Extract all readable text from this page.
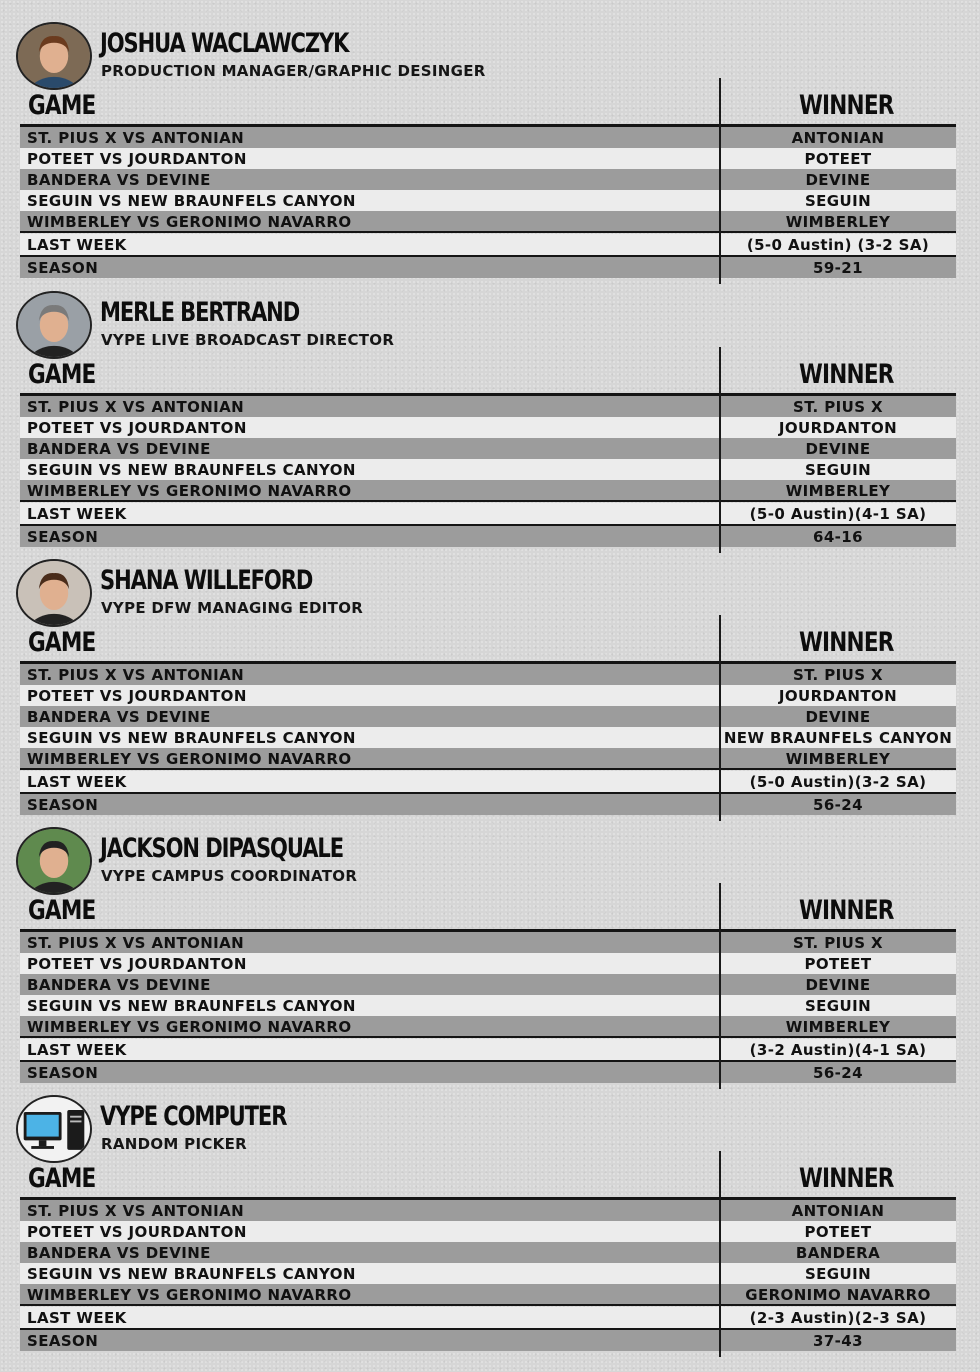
JOSHUA WACLAWCZYK
PRODUCTION MANAGER/GRAPHIC DESINGER
GAME	WINNER
ST. PIUS X VS ANTONIAN	ANTONIAN
POTEET VS JOURDANTON	POTEET
BANDERA VS DEVINE	DEVINE
SEGUIN VS NEW BRAUNFELS CANYON	SEGUIN
WIMBERLEY VS GERONIMO NAVARRO	WIMBERLEY
LAST WEEK	(5-0 Austin) (3-2 SA)
SEASON	59-21
MERLE BERTRAND
VYPE LIVE BROADCAST DIRECTOR
GAME	WINNER
ST. PIUS X VS ANTONIAN	ST. PIUS X
POTEET VS JOURDANTON	JOURDANTON
BANDERA VS DEVINE	DEVINE
SEGUIN VS NEW BRAUNFELS CANYON	SEGUIN
WIMBERLEY VS GERONIMO NAVARRO	WIMBERLEY
LAST WEEK	(5-0 Austin)(4-1 SA)
SEASON	64-16
SHANA WILLEFORD
VYPE DFW MANAGING EDITOR
GAME	WINNER
ST. PIUS X VS ANTONIAN	ST. PIUS X
POTEET VS JOURDANTON	JOURDANTON
BANDERA VS DEVINE	DEVINE
SEGUIN VS NEW BRAUNFELS CANYON	NEW BRAUNFELS CANYON
WIMBERLEY VS GERONIMO NAVARRO	WIMBERLEY
LAST WEEK	(5-0 Austin)(3-2 SA)
SEASON	56-24
JACKSON DIPASQUALE
VYPE CAMPUS COORDINATOR
GAME	WINNER
ST. PIUS X VS ANTONIAN	ST. PIUS X
POTEET VS JOURDANTON	POTEET
BANDERA VS DEVINE	DEVINE
SEGUIN VS NEW BRAUNFELS CANYON	SEGUIN
WIMBERLEY VS GERONIMO NAVARRO	WIMBERLEY
LAST WEEK	(3-2 Austin)(4-1 SA)
SEASON	56-24
VYPE COMPUTER
RANDOM PICKER
GAME	WINNER
ST. PIUS X VS ANTONIAN	ANTONIAN
POTEET VS JOURDANTON	POTEET
BANDERA VS DEVINE	BANDERA
SEGUIN VS NEW BRAUNFELS CANYON	SEGUIN
WIMBERLEY VS GERONIMO NAVARRO	GERONIMO NAVARRO
LAST WEEK	(2-3 Austin)(2-3 SA)
SEASON	37-43
